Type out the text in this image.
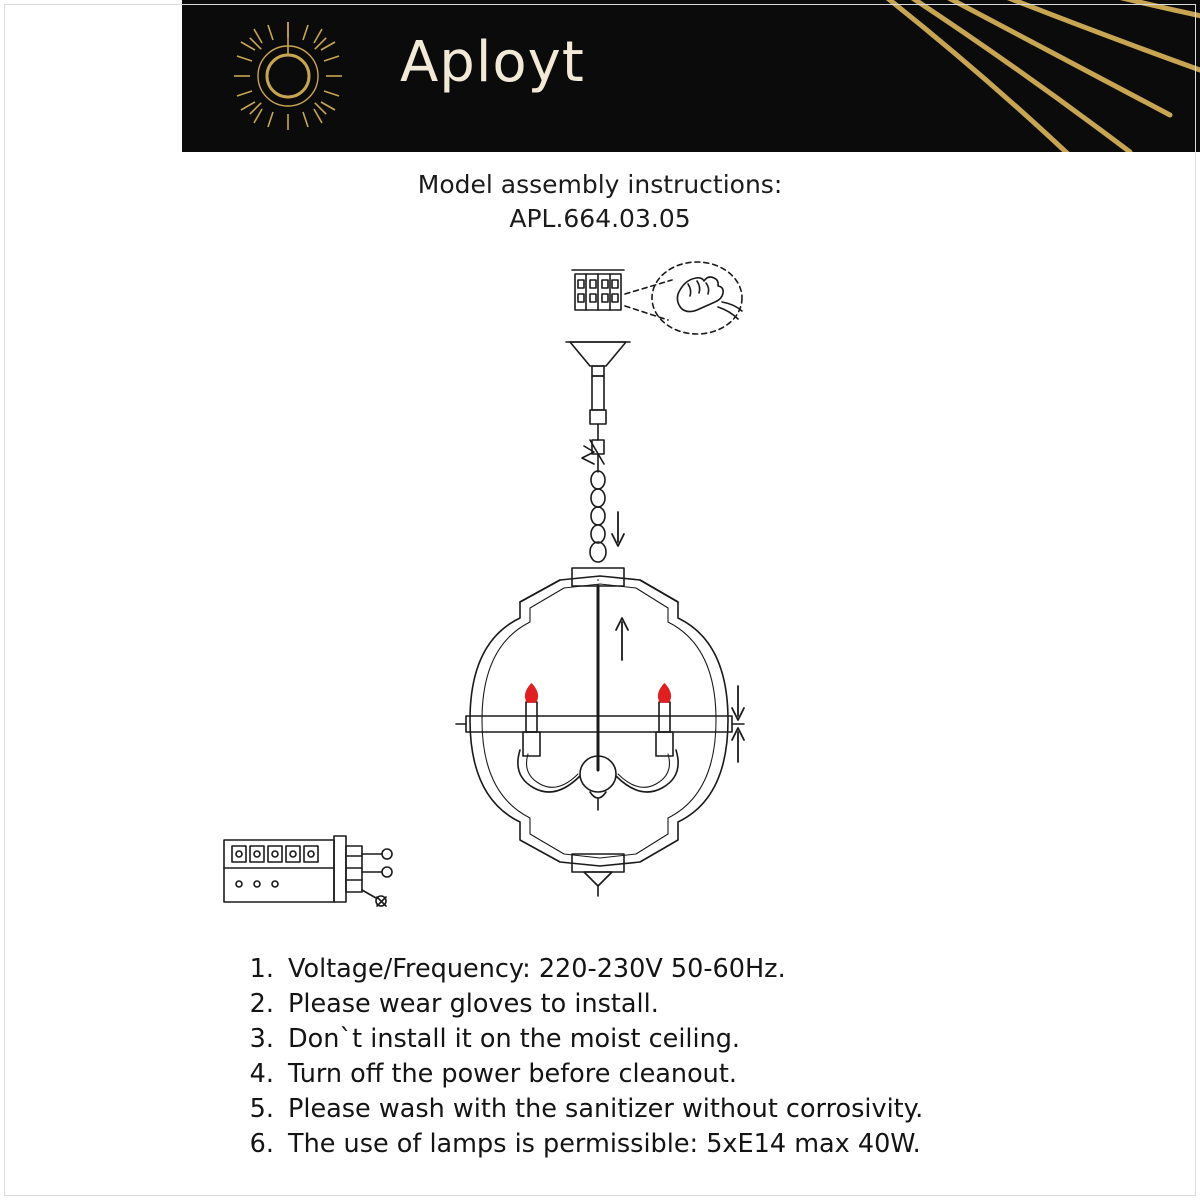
Aployt
Model assembly instructions:
APL.664.03.05
1. Voltage/Frequency: 220-230V 50-60Hz.
2. Please wear gloves to install.
3. Don`t install it on the moist ceiling.
4. Turn off the power before cleanout.
5. Please wash with the sanitizer without corrosivity.
6. The use of lamps is permissible: 5xE14 max 40W.
